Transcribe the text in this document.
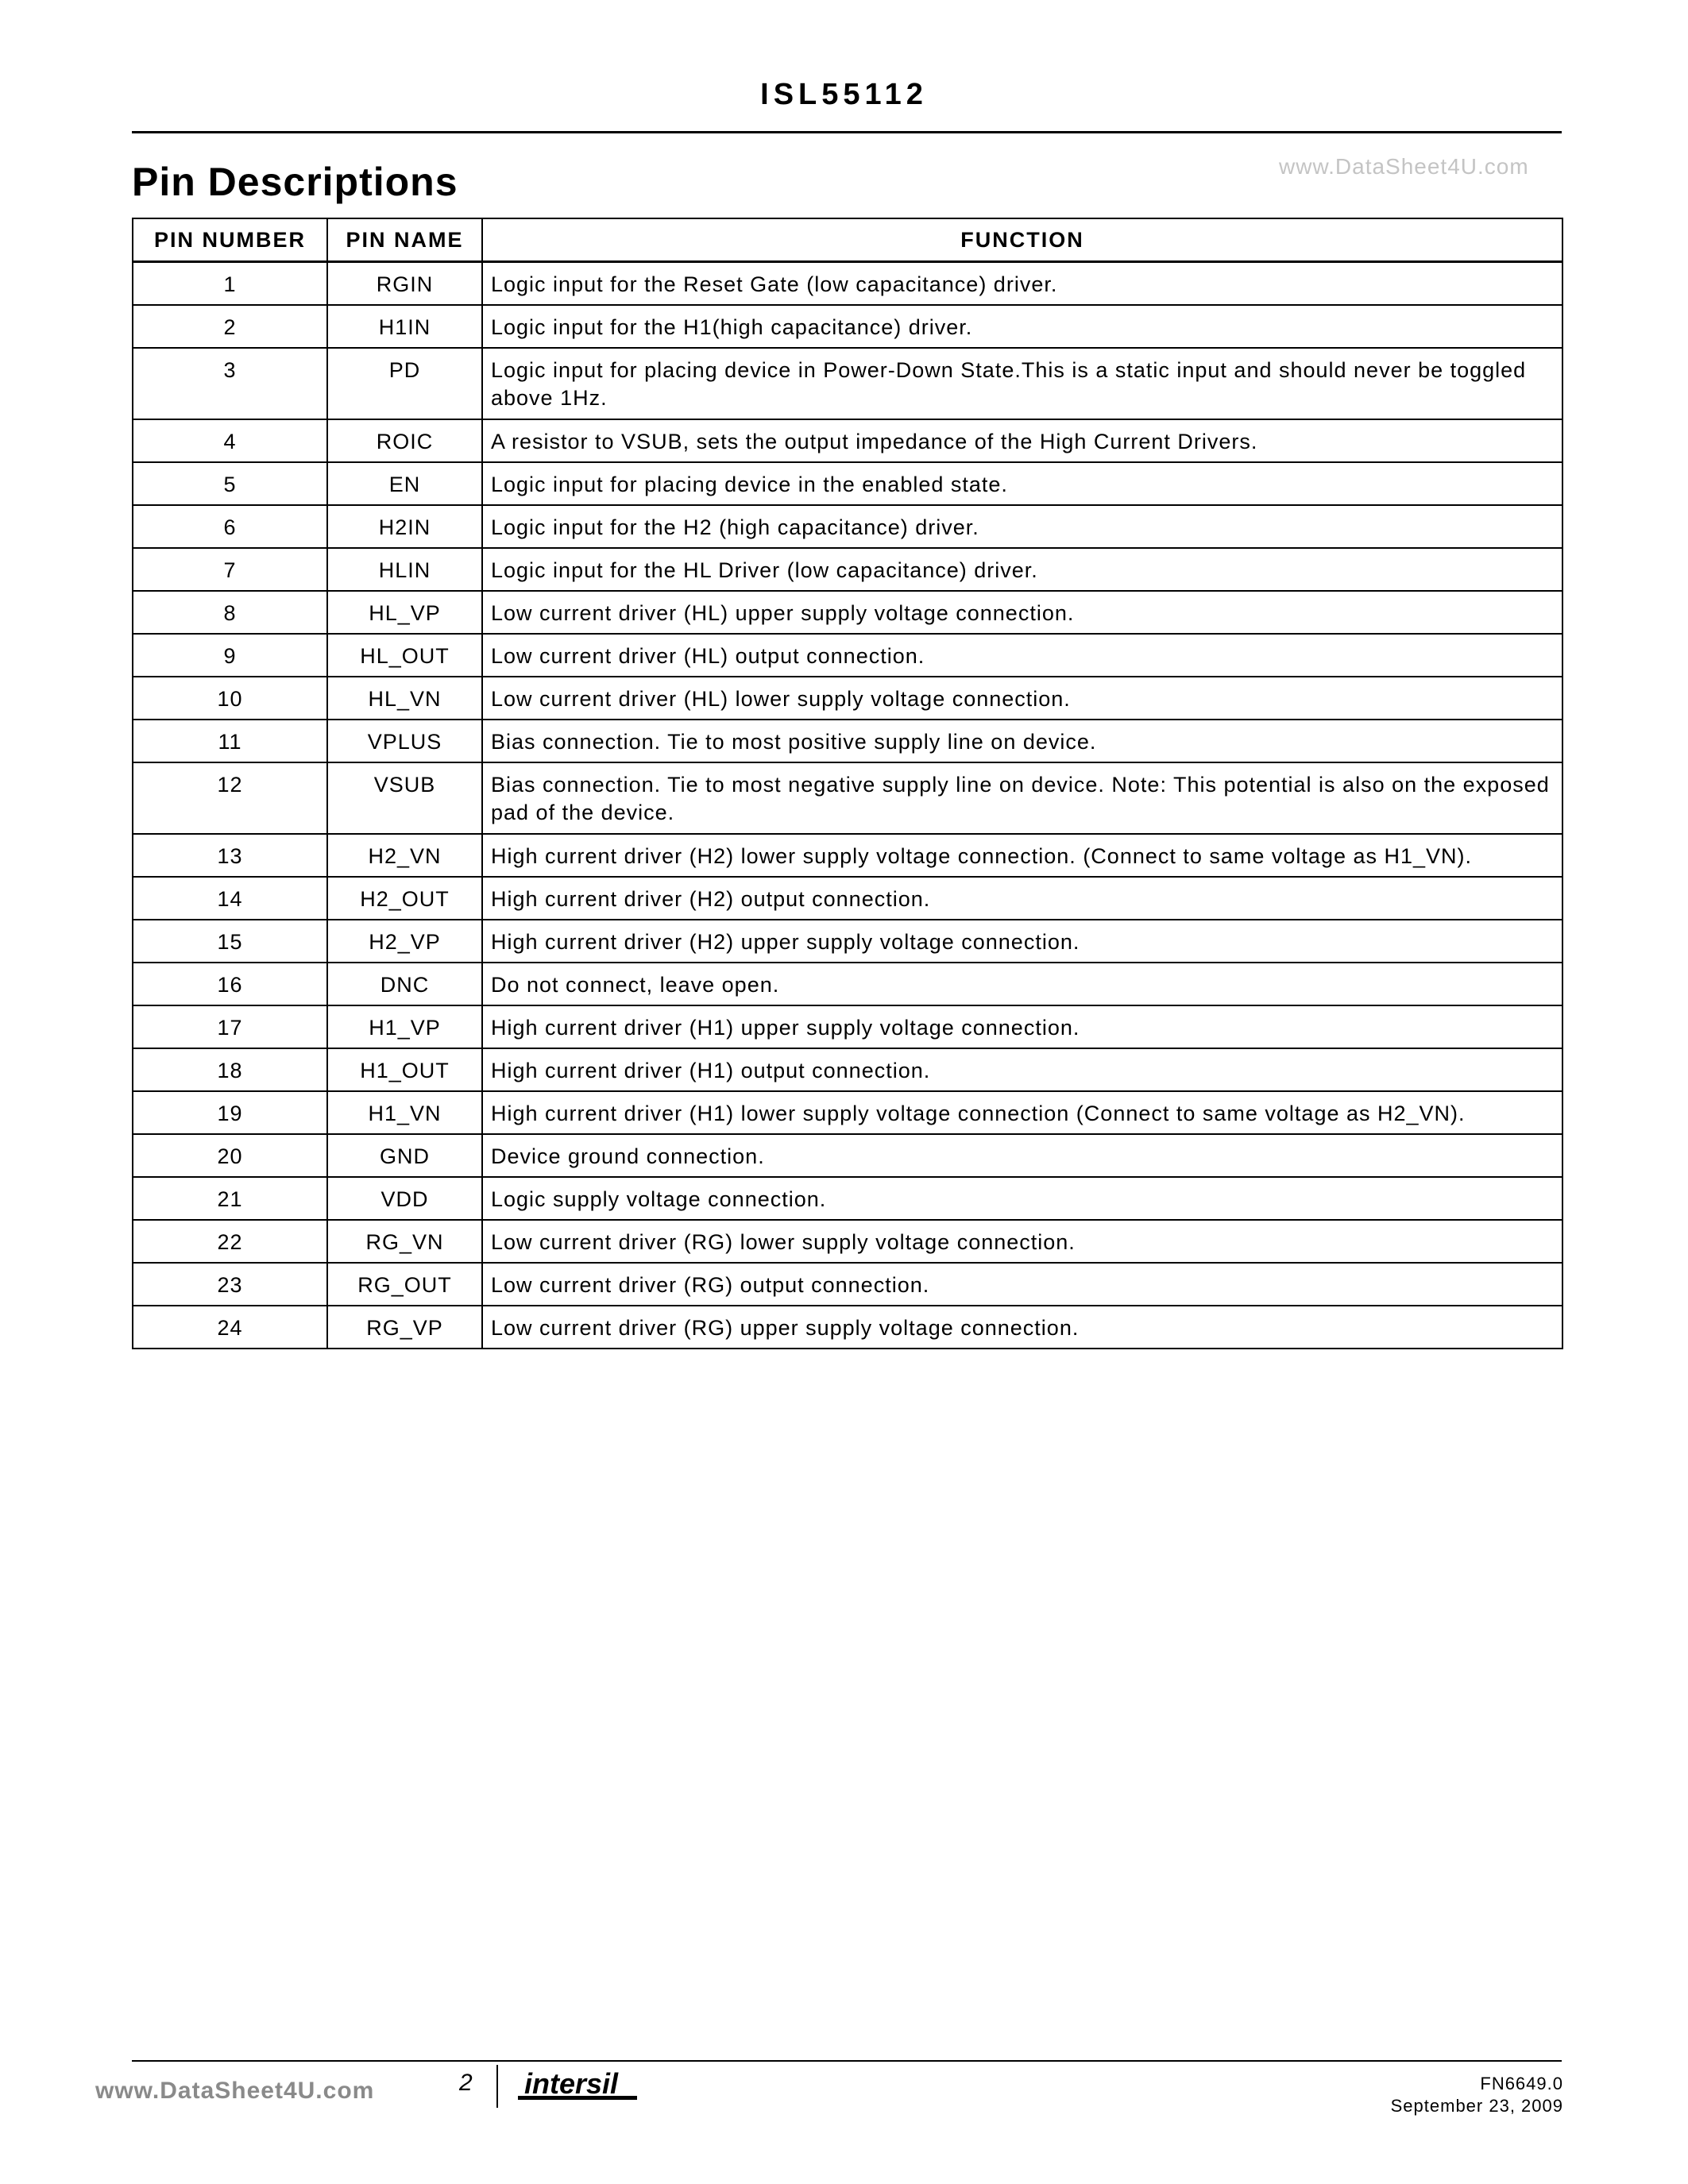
ISL55112
Pin Descriptions	www.DataSheet4U.com
PIN NUMBER	PIN NAME	FUNCTION
1	RGIN	Logic input for the Reset Gate (low capacitance) driver.
2	H1IN	Logic input for the H1(high capacitance) driver.
3	PD	Logic input for placing device in Power-Down State.This is a static input and should never be toggled above 1Hz.
4	ROIC	A resistor to VSUB, sets the output impedance of the High Current Drivers.
5	EN	Logic input for placing device in the enabled state.
6	H2IN	Logic input for the H2 (high capacitance) driver.
7	HLIN	Logic input for the HL Driver (low capacitance) driver.
8	HL_VP	Low current driver (HL) upper supply voltage connection.
9	HL_OUT	Low current driver (HL) output connection.
10	HL_VN	Low current driver (HL) lower supply voltage connection.
11	VPLUS	Bias connection. Tie to most positive supply line on device.
12	VSUB	Bias connection. Tie to most negative supply line on device. Note: This potential is also on the exposed pad of the device.
13	H2_VN	High current driver (H2) lower supply voltage connection. (Connect to same voltage as H1_VN).
14	H2_OUT	High current driver (H2) output connection.
15	H2_VP	High current driver (H2) upper supply voltage connection.
16	DNC	Do not connect, leave open.
17	H1_VP	High current driver (H1) upper supply voltage connection.
18	H1_OUT	High current driver (H1) output connection.
19	H1_VN	High current driver (H1) lower supply voltage connection (Connect to same voltage as H2_VN).
20	GND	Device ground connection.
21	VDD	Logic supply voltage connection.
22	RG_VN	Low current driver (RG) lower supply voltage connection.
23	RG_OUT	Low current driver (RG) output connection.
24	RG_VP	Low current driver (RG) upper supply voltage connection.
www.DataSheet4U.com	2 intersil	FN6649.0
September 23, 2009
